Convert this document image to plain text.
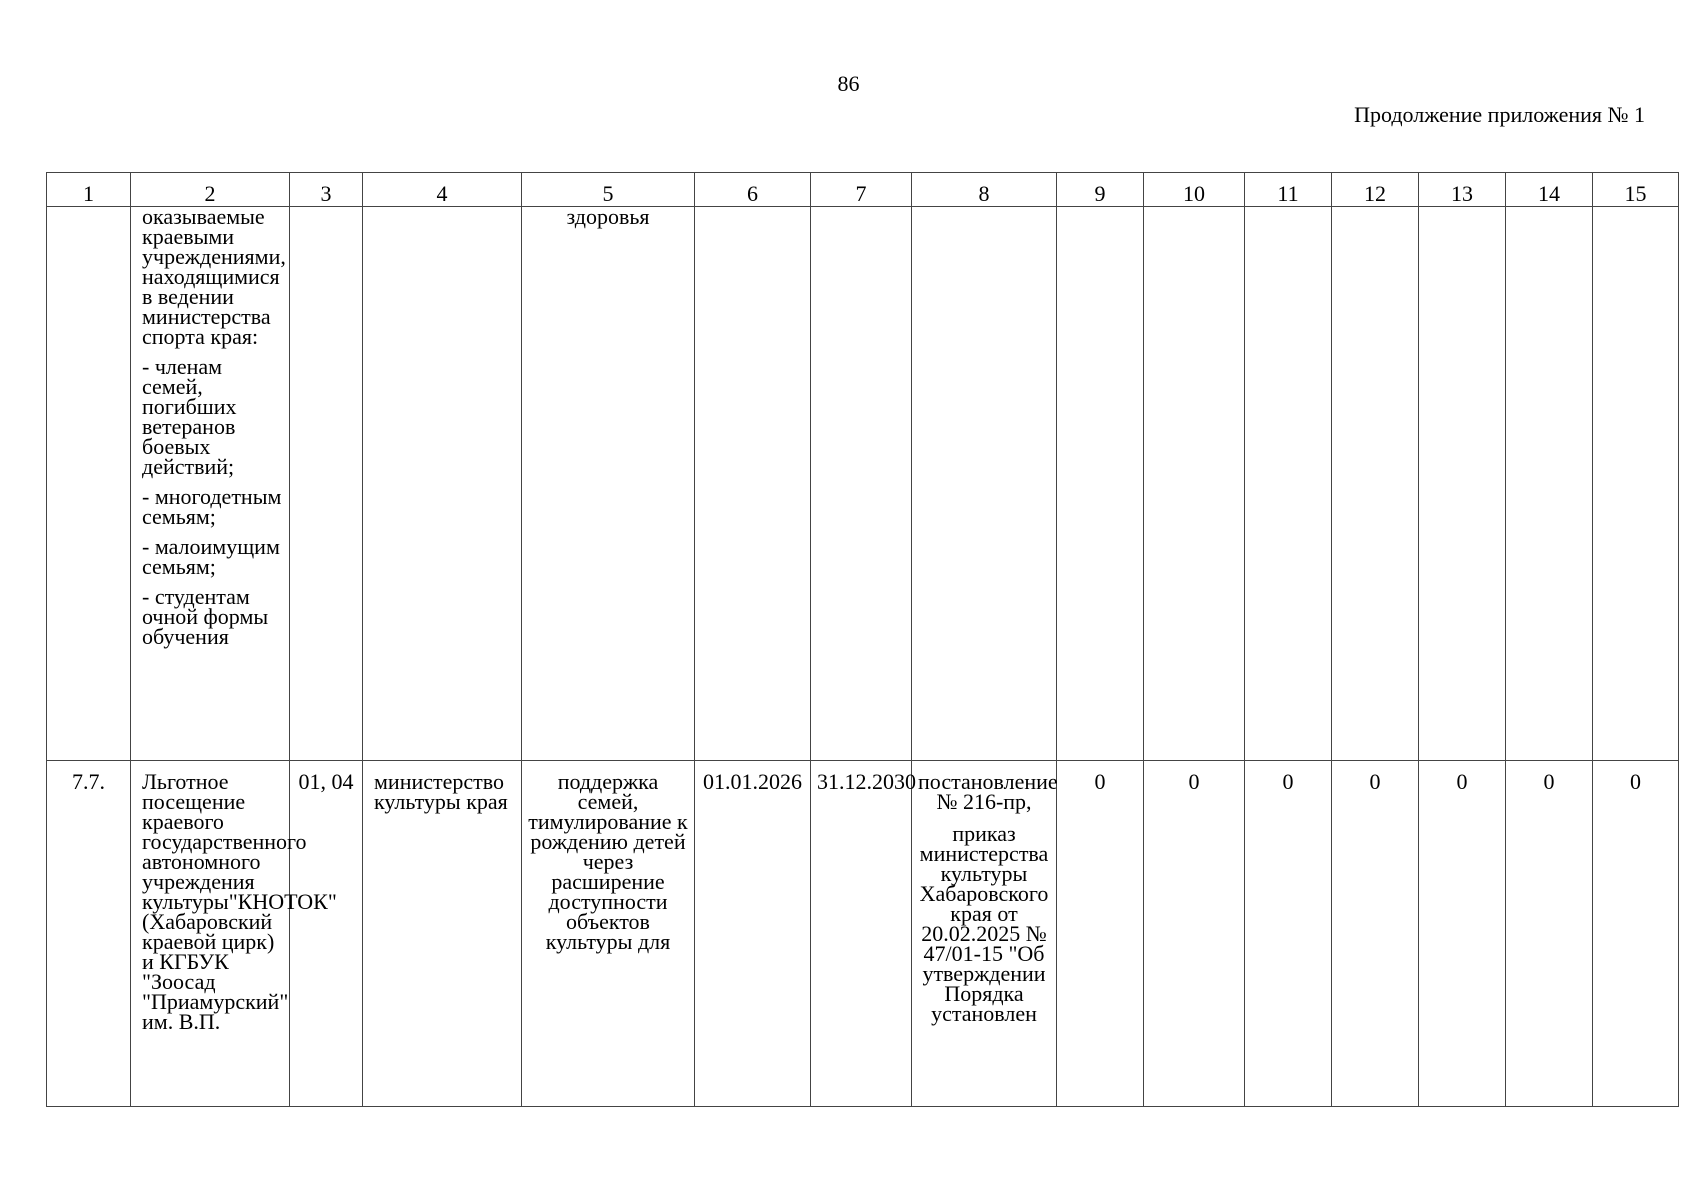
86
Продолжение приложения № 1
1	2	3	4	5	6	7	8	9	10	11	12	13	14	15

	оказываемые краевыми учреждениями, находящимися в ведении министерства спорта края:

- членам семей, погибших ветеранов боевых действий;

- многодетным семьям;

- малоимущим семьям;

- студентам очной формы обучения			здоровья										

7.7.	Льготное посещение краевого государственного автономного учреждения культуры"КНОТОК" (Хабаровский краевой цирк) и КГБУК "Зоосад "Приамурский" им. В.П.	01, 04	министерство культуры края	поддержка семей, тимулирование к рождению детей через расширение доступности объектов культуры для	01.01.2026	31.12.2030	постановление № 216-пр,

приказ министерства культуры Хабаровского края от 20.02.2025 № 47/01-15 "Об утверждении Порядка установлен	0	0	0	0	0	0	0
